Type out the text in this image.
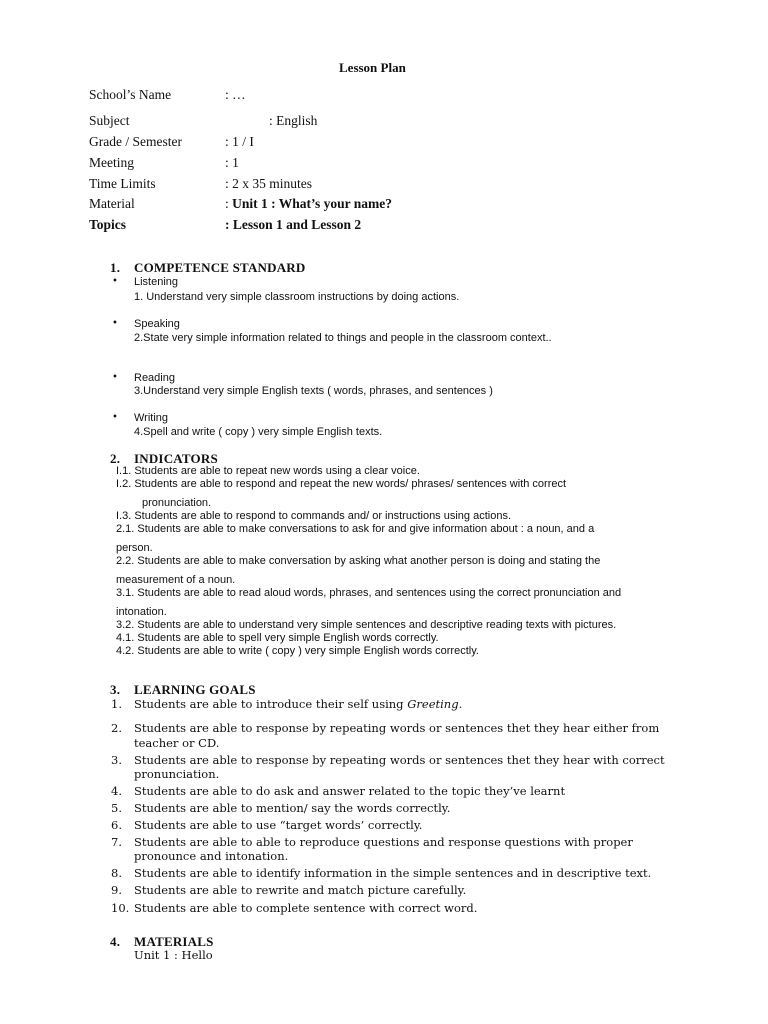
Lesson Plan
School’s Name	: …
Subject	: English
Grade / Semester	: 1 / I
Meeting	: 1
Time Limits	: 2 x 35 minutes
Material	: Unit 1 : What’s your name?
Topics	: Lesson 1 and Lesson 2
1. COMPETENCE STANDARD
• Listening
1. Understand very simple classroom instructions by doing actions.
• Speaking
2.State very simple information related to things and people in the classroom context..
• Reading
3.Understand very simple English texts ( words, phrases, and sentences )
• Writing
4.Spell and write ( copy ) very simple English texts.
2. INDICATORS
I.1. Students are able to repeat new words using a clear voice.
I.2. Students are able to respond and repeat the new words/ phrases/ sentences with correct
pronunciation.
I.3. Students are able to respond to commands and/ or instructions using actions.
2.1. Students are able to make conversations to ask for and give information about : a noun, and a
person.
2.2. Students are able to make conversation by asking what another person is doing and stating the
measurement of a noun.
3.1. Students are able to read aloud words, phrases, and sentences using the correct pronunciation and
intonation.
3.2. Students are able to understand very simple sentences and descriptive reading texts with pictures.
4.1. Students are able to spell very simple English words correctly.
4.2. Students are able to write ( copy ) very simple English words correctly.
3. LEARNING GOALS
1. Students are able to introduce their self using Greeting.
2. Students are able to response by repeating words or sentences thet they hear either from
teacher or CD.
3. Students are able to response by repeating words or sentences thet they hear with correct
pronunciation.
4. Students are able to do ask and answer related to the topic they’ve learnt
5. Students are able to mention/ say the words correctly.
6. Students are able to use “target words’ correctly.
7. Students are able to able to reproduce questions and response questions with proper
pronounce and intonation.
8. Students are able to identify information in the simple sentences and in descriptive text.
9. Students are able to rewrite and match picture carefully.
10. Students are able to complete sentence with correct word.
4. MATERIALS
Unit 1 : Hello
